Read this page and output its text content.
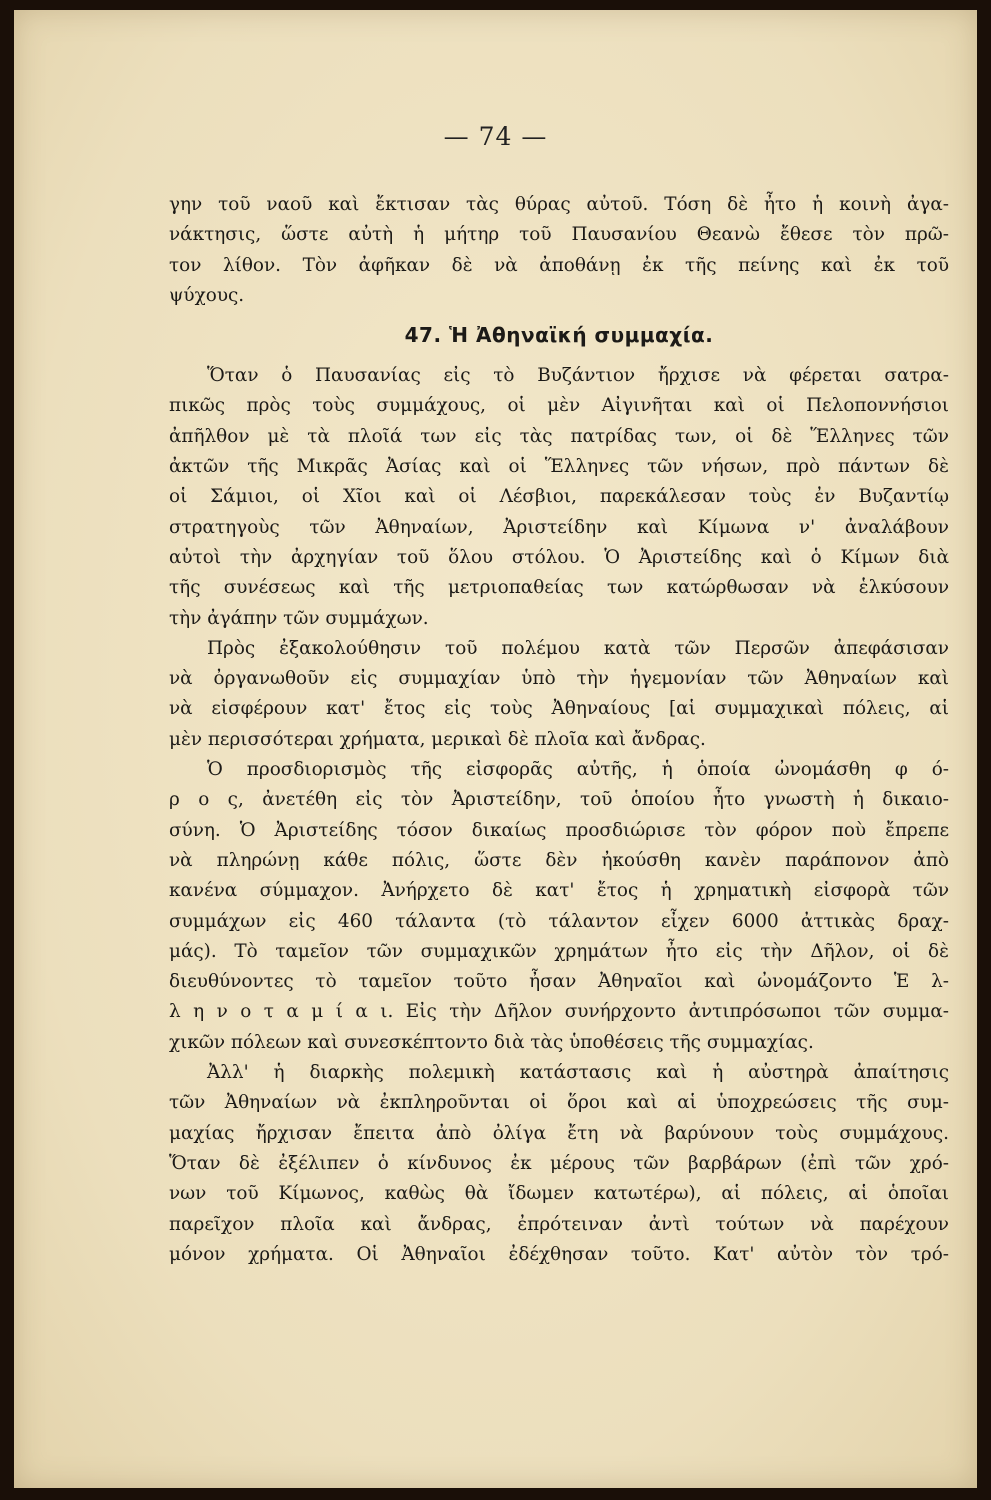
— 74 —
γην τοῦ ναοῦ καὶ ἔκτισαν τὰς θύρας αὐτοῦ. Τόση δὲ ἦτο ἡ κοινὴ ἀγα-
νάκτησις, ὥστε αὐτὴ ἡ μήτηρ τοῦ Παυσανίου Θεανὼ ἔθεσε τὸν πρῶ-
τον λίθον. Τὸν ἀφῆκαν δὲ νὰ ἀποθάνῃ ἐκ τῆς πείνης καὶ ἐκ τοῦ
ψύχους.
47. Ἡ Ἀθηναϊκή συμμαχία.
Ὅταν ὁ Παυσανίας εἰς τὸ Βυζάντιον ἤρχισε νὰ φέρεται σατρα-
πικῶς πρὸς τοὺς συμμάχους, οἱ μὲν Αἰγινῆται καὶ οἱ Πελοποννήσιοι
ἀπῆλθον μὲ τὰ πλοῖά των εἰς τὰς πατρίδας των, οἱ δὲ Ἕλληνες τῶν
ἀκτῶν τῆς Μικρᾶς Ἀσίας καὶ οἱ Ἕλληνες τῶν νήσων, πρὸ πάντων δὲ
οἱ Σάμιοι, οἱ Χῖοι καὶ οἱ Λέσβιοι, παρεκάλεσαν τοὺς ἐν Βυζαντίῳ
στρατηγοὺς τῶν Ἀθηναίων, Ἀριστείδην καὶ Κίμωνα ν' ἀναλάβουν
αὐτοὶ τὴν ἀρχηγίαν τοῦ ὅλου στόλου. Ὁ Ἀριστείδης καὶ ὁ Κίμων διὰ
τῆς συνέσεως καὶ τῆς μετριοπαθείας των κατώρθωσαν νὰ ἑλκύσουν
τὴν ἀγάπην τῶν συμμάχων.
Πρὸς ἐξακολούθησιν τοῦ πολέμου κατὰ τῶν Περσῶν ἀπεφάσισαν
νὰ ὀργανωθοῦν εἰς συμμαχίαν ὑπὸ τὴν ἡγεμονίαν τῶν Ἀθηναίων καὶ
νὰ εἰσφέρουν κατ' ἔτος εἰς τοὺς Ἀθηναίους [αἱ συμμαχικαὶ πόλεις, αἱ
μὲν περισσότεραι χρήματα, μερικαὶ δὲ πλοῖα καὶ ἄνδρας.
Ὁ προσδιορισμὸς τῆς εἰσφορᾶς αὐτῆς, ἡ ὁποία ὠνομάσθη φ ό-
ρ ο ς, ἀνετέθη εἰς τὸν Ἀριστείδην, τοῦ ὁποίου ἦτο γνωστὴ ἡ δικαιο-
σύνη. Ὁ Ἀριστείδης τόσον δικαίως προσδιώρισε τὸν φόρον ποὺ ἔπρεπε
νὰ πληρώνῃ κάθε πόλις, ὥστε δὲν ἠκούσθη κανὲν παράπονον ἀπὸ
κανένα σύμμαχον. Ἀνήρχετο δὲ κατ' ἔτος ἡ χρηματικὴ εἰσφορὰ τῶν
συμμάχων εἰς 460 τάλαντα (τὸ τάλαντον εἶχεν 6000 ἀττικὰς δραχ-
μάς). Τὸ ταμεῖον τῶν συμμαχικῶν χρημάτων ἦτο εἰς τὴν Δῆλον, οἱ δὲ
διευθύνοντες τὸ ταμεῖον τοῦτο ἦσαν Ἀθηναῖοι καὶ ὠνομάζοντο Ἑ λ-
λ η ν ο τ α μ ί α ι. Εἰς τὴν Δῆλον συνήρχοντο ἀντιπρόσωποι τῶν συμμα-
χικῶν πόλεων καὶ συνεσκέπτοντο διὰ τὰς ὑποθέσεις τῆς συμμαχίας.
Ἀλλ' ἡ διαρκὴς πολεμικὴ κατάστασις καὶ ἡ αὐστηρὰ ἀπαίτησις
τῶν Ἀθηναίων νὰ ἐκπληροῦνται οἱ ὅροι καὶ αἱ ὑποχρεώσεις τῆς συμ-
μαχίας ἤρχισαν ἔπειτα ἀπὸ ὀλίγα ἔτη νὰ βαρύνουν τοὺς συμμάχους.
Ὅταν δὲ ἐξέλιπεν ὁ κίνδυνος ἐκ μέρους τῶν βαρβάρων (ἐπὶ τῶν χρό-
νων τοῦ Κίμωνος, καθὼς θὰ ἴδωμεν κατωτέρω), αἱ πόλεις, αἱ ὁποῖαι
παρεῖχον πλοῖα καὶ ἄνδρας, ἐπρότειναν ἀντὶ τούτων νὰ παρέχουν
μόνον χρήματα. Οἱ Ἀθηναῖοι ἐδέχθησαν τοῦτο. Κατ' αὐτὸν τὸν τρό-
